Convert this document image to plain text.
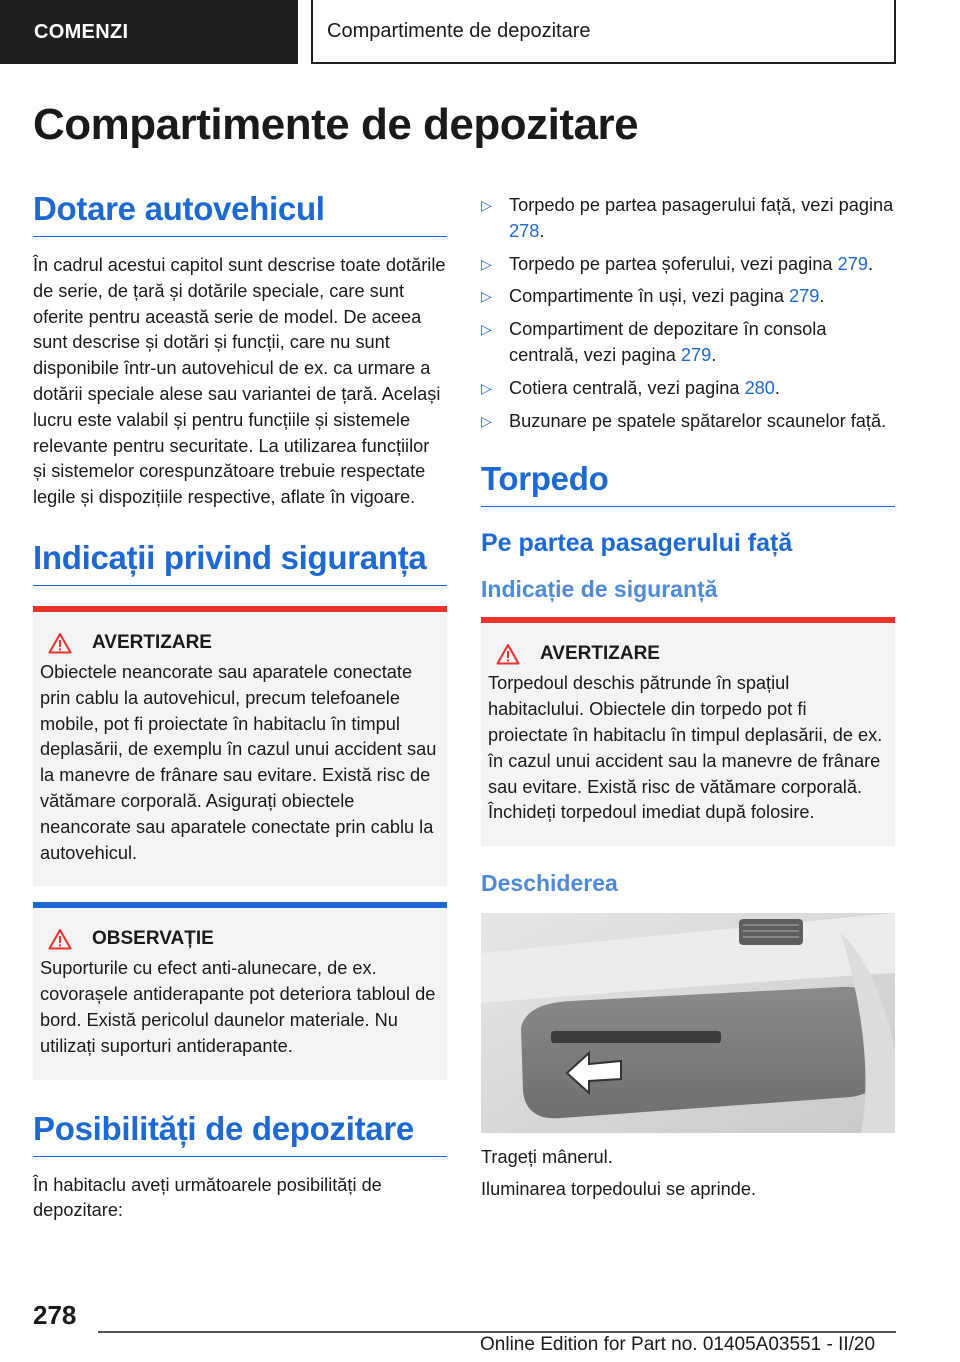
COMENZI	Compartimente de depozitare
Compartimente de depozitare
Dotare autovehicul

În cadrul acestui capitol sunt descrise toate dotările de serie, de țară și dotările speciale, care sunt oferite pentru această serie de model. De aceea sunt descrise și dotări și funcții, care nu sunt disponibile într-un autovehicul de ex. ca urmare a dotării speciale alese sau variantei de țară. Același lucru este valabil și pentru funcțiile și sistemele relevante pentru securitate. La utilizarea funcțiilor și sistemelor corespunzătoare trebuie respectate legile și dispozițiile respective, aflate în vigoare.

Indicații privind siguranța
AVERTIZARE

Obiectele neancorate sau aparatele conectate prin cablu la autovehicul, precum telefoanele mobile, pot fi proiectate în habitaclu în timpul deplasării, de exemplu în cazul unui accident sau la manevre de frânare sau evitare. Există risc de vătămare corporală. Asigurați obiectele neancorate sau aparatele conectate prin cablu la autovehicul.

OBSERVAȚIE

Suporturile cu efect anti-alunecare, de ex. covorașele antiderapante pot deteriora tabloul de bord. Există pericolul daunelor materiale. Nu utilizați suporturi antiderapante.

Posibilități de depozitare

În habitaclu aveți următoarele posibilități de depozitare:

▷ Torpedo pe partea pasagerului față, vezi pagina 278.
▷ Torpedo pe partea șoferului, vezi pagina 279.
▷ Compartimente în uși, vezi pagina 279.
▷ Compartiment de depozitare în consola centrală, vezi pagina 279.
▷ Cotiera centrală, vezi pagina 280.
▷ Buzunare pe spatele spătarelor scaunelor față.
Torpedo
Pe partea pasagerului față
Indicație de siguranță
AVERTIZARE

Torpedoul deschis pătrunde în spațiul habitaclului. Obiectele din torpedo pot fi proiectate în habitaclu în timpul deplasării, de ex. în cazul unui accident sau la manevre de frânare sau evitare. Există risc de vătămare corporală. Închideți torpedoul imediat după folosire.

Deschiderea

Trageți mânerul.

Iluminarea torpedoului se aprinde.

278
Online Edition for Part no. 01405A03551 - II/20
